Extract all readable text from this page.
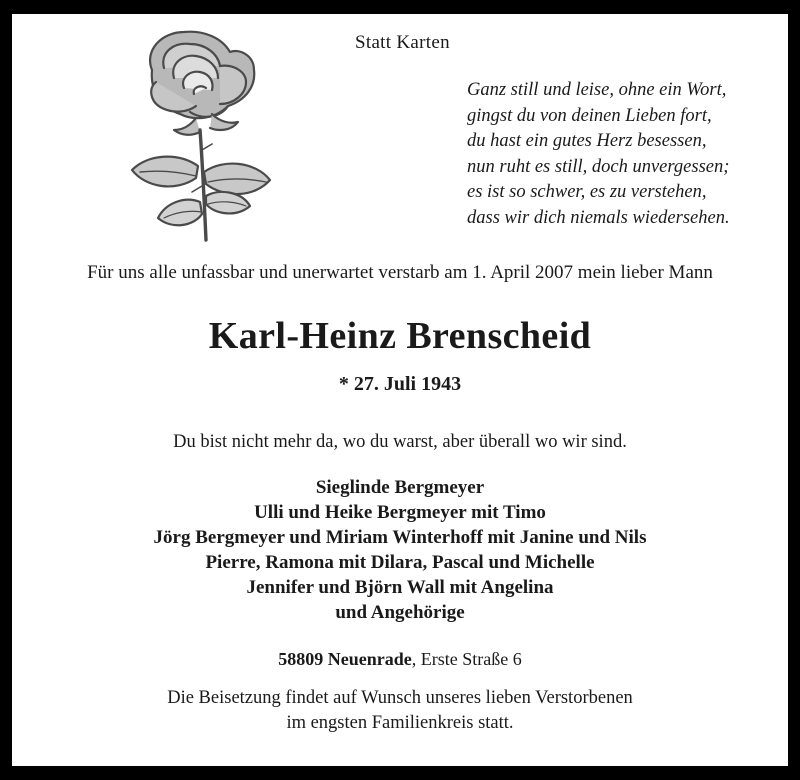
Statt Karten
Ganz still und leise, ohne ein Wort,
gingst du von deinen Lieben fort,
du hast ein gutes Herz besessen,
nun ruht es still, doch unvergessen;
es ist so schwer, es zu verstehen,
dass wir dich niemals wiedersehen.
Für uns alle unfassbar und unerwartet verstarb am 1. April 2007 mein lieber Mann
Karl-Heinz Brenscheid
* 27. Juli 1943
Du bist nicht mehr da, wo du warst, aber überall wo wir sind.
Sieglinde Bergmeyer
Ulli und Heike Bergmeyer mit Timo
Jörg Bergmeyer und Miriam Winterhoff mit Janine und Nils
Pierre, Ramona mit Dilara, Pascal und Michelle
Jennifer und Björn Wall mit Angelina
und Angehörige
58809 Neuenrade, Erste Straße 6
Die Beisetzung findet auf Wunsch unseres lieben Verstorbenen
im engsten Familienkreis statt.
